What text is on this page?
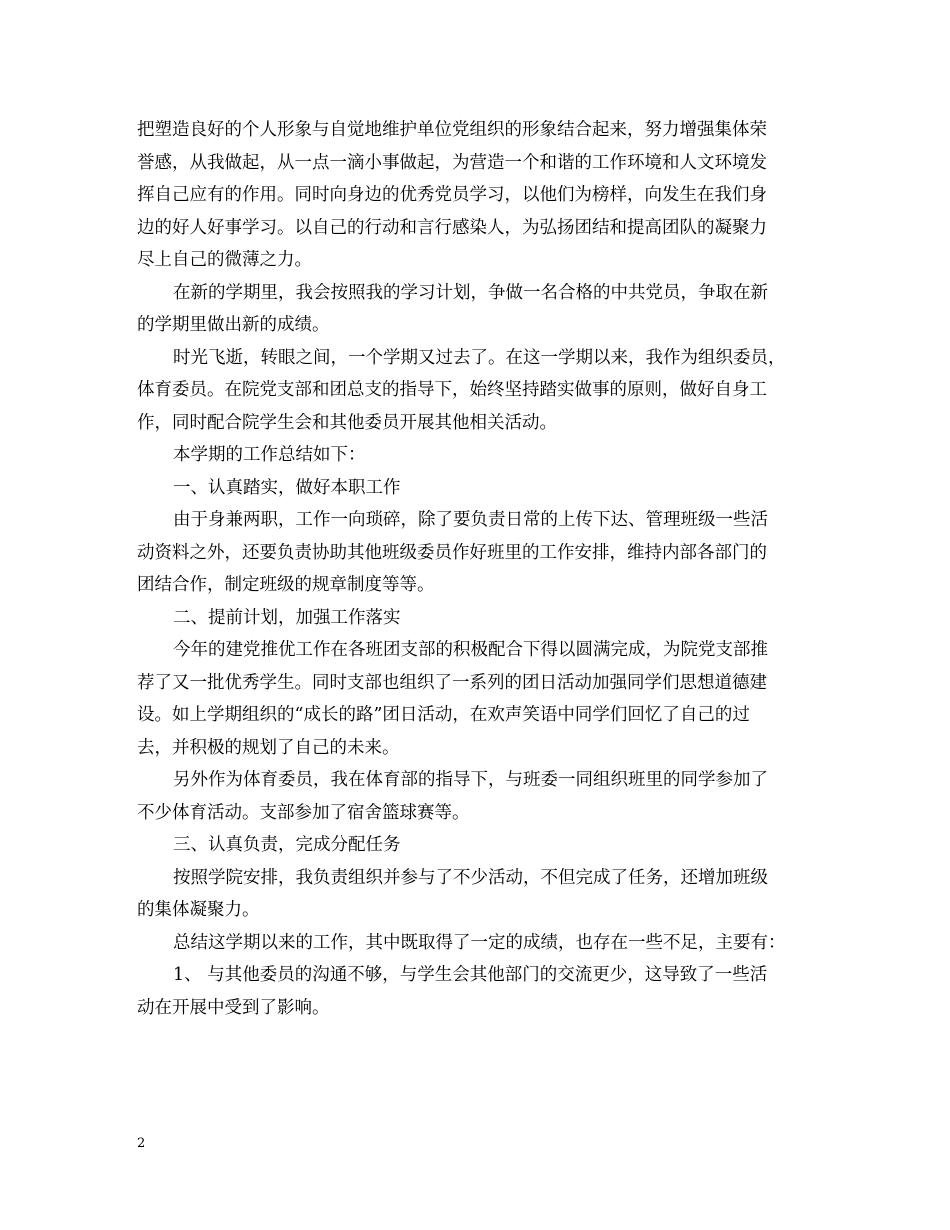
把塑造良好的个人形象与自觉地维护单位党组织的形象结合起来，努力增强集体荣
誉感，从我做起，从一点一滴小事做起，为营造一个和谐的工作环境和人文环境发
挥自己应有的作用。同时向身边的优秀党员学习，以他们为榜样，向发生在我们身
边的好人好事学习。以自己的行动和言行感染人，为弘扬团结和提高团队的凝聚力
尽上自己的微薄之力。
在新的学期里，我会按照我的学习计划，争做一名合格的中共党员，争取在新
的学期里做出新的成绩。
时光飞逝，转眼之间，一个学期又过去了。在这一学期以来，我作为组织委员，
体育委员。在院党支部和团总支的指导下，始终坚持踏实做事的原则，做好自身工
作，同时配合院学生会和其他委员开展其他相关活动。
本学期的工作总结如下：
一、认真踏实，做好本职工作
由于身兼两职，工作一向琐碎，除了要负责日常的上传下达、管理班级一些活
动资料之外，还要负责协助其他班级委员作好班里的工作安排，维持内部各部门的
团结合作，制定班级的规章制度等等。
二、提前计划，加强工作落实
今年的建党推优工作在各班团支部的积极配合下得以圆满完成，为院党支部推
荐了又一批优秀学生。同时支部也组织了一系列的团日活动加强同学们思想道德建
设。如上学期组织的“成长的路”团日活动，在欢声笑语中同学们回忆了自己的过
去，并积极的规划了自己的未来。
另外作为体育委员，我在体育部的指导下，与班委一同组织班里的同学参加了
不少体育活动。支部参加了宿舍篮球赛等。
三、认真负责，完成分配任务
按照学院安排，我负责组织并参与了不少活动，不但完成了任务，还增加班级
的集体凝聚力。
总结这学期以来的工作，其中既取得了一定的成绩，也存在一些不足，主要有：
1、 与其他委员的沟通不够，与学生会其他部门的交流更少，这导致了一些活
动在开展中受到了影响。
2
